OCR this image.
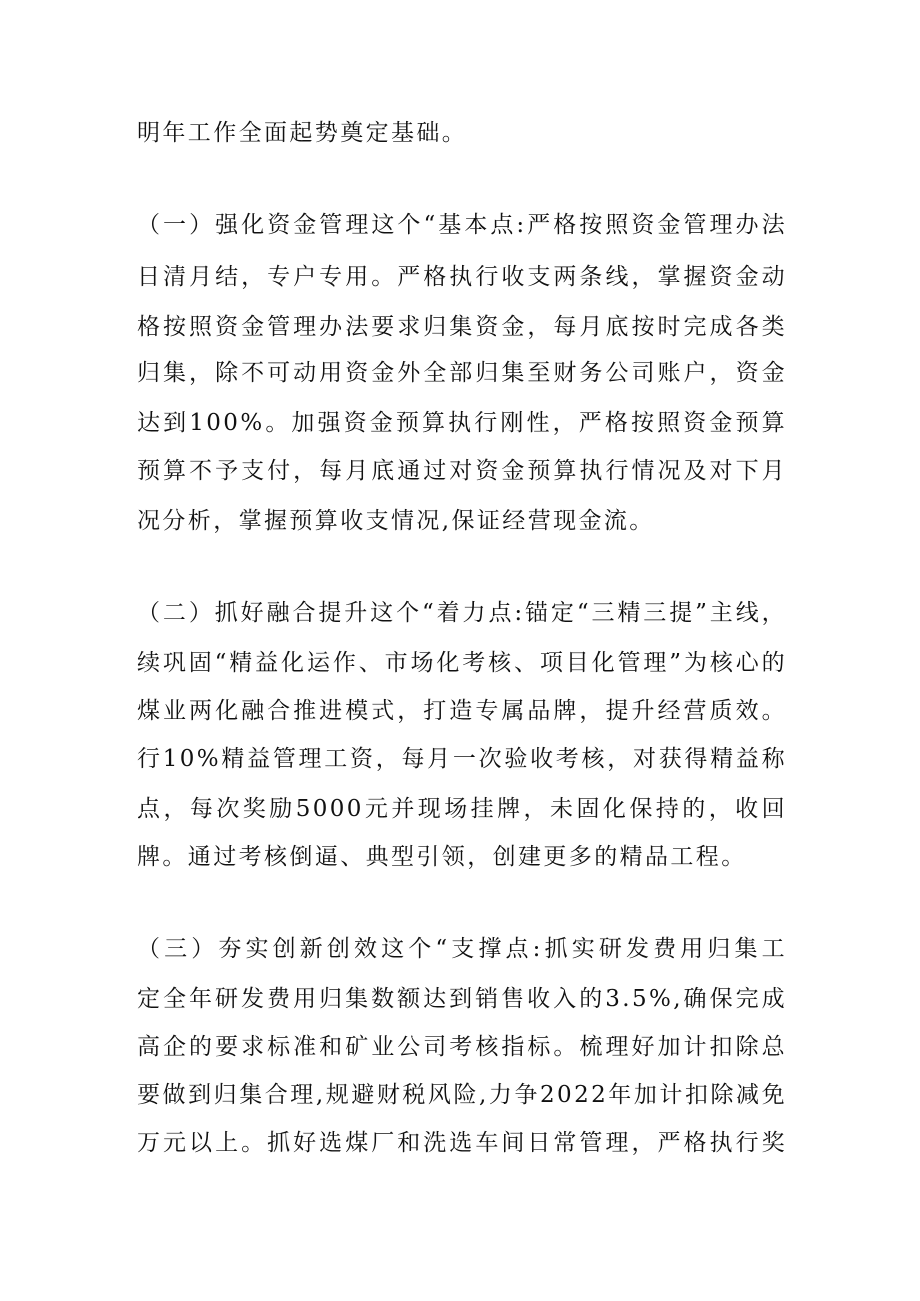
明年工作全面起势奠定基础。
（一）强化资金管理这个“基本点:严格按照资金管理办法
日清月结，专户专用。严格执行收支两条线，掌握资金动
格按照资金管理办法要求归集资金，每月底按时完成各类
归集，除不可动用资金外全部归集至财务公司账户，资金
达到100%。加强资金预算执行刚性，严格按照资金预算
预算不予支付，每月底通过对资金预算执行情况及对下月
况分析，掌握预算收支情况,保证经营现金流。
（二）抓好融合提升这个“着力点:锚定“三精三提”主线，
续巩固“精益化运作、市场化考核、项目化管理”为核心的
煤业两化融合推进模式，打造专属品牌，提升经营质效。
行10%精益管理工资，每月一次验收考核，对获得精益称
点，每次奖励5000元并现场挂牌，未固化保持的，收回
牌。通过考核倒逼、典型引领，创建更多的精品工程。
（三）夯实创新创效这个“支撑点:抓实研发费用归集工
定全年研发费用归集数额达到销售收入的3.5%,确保完成
高企的要求标准和矿业公司考核指标。梳理好加计扣除总
要做到归集合理,规避财税风险,力争2022年加计扣除减免
万元以上。抓好选煤厂和洗选车间日常管理，严格执行奖
